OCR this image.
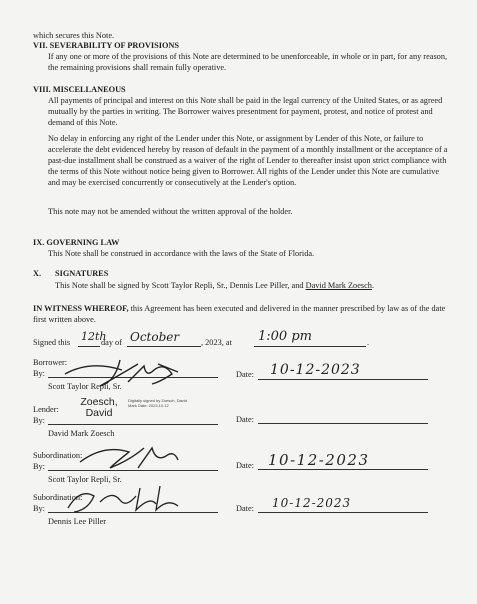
which secures this Note.
VII. SEVERABILITY OF PROVISIONS
If any one or more of the provisions of this Note are determined to be unenforceable, in whole or in part, for any reason, the remaining provisions shall remain fully operative.
VIII. MISCELLANEOUS
All payments of principal and interest on this Note shall be paid in the legal currency of the United States, or as agreed mutually by the parties in writing. The Borrower waives presentment for payment, protest, and notice of protest and demand of this Note.
No delay in enforcing any right of the Lender under this Note, or assignment by Lender of this Note, or failure to accelerate the debt evidenced hereby by reason of default in the payment of a monthly installment or the acceptance of a past-due installment shall be construed as a waiver of the right of Lender to thereafter insist upon strict compliance with the terms of this Note without notice being given to Borrower. All rights of the Lender under this Note are cumulative and may be exercised concurrently or consecutively at the Lender's option.
This note may not be amended without the written approval of the holder.
IX. GOVERNING LAW
This Note shall be construed in accordance with the laws of the State of Florida.
X. SIGNATURES
This Note shall be signed by Scott Taylor Repli, Sr., Dennis Lee Piller, and David Mark Zoesch.
IN WITNESS WHEREOF, this Agreement has been executed and delivered in the manner prescribed by law as of the date first written above.
Signed this 12th
day of October	, 2023, at 1:00 pm	.
Borrower:
By:
Scott Taylor Repli, Sr.
Date: 10-12-2023
Lender:
By:
Zoesch, David
Digitally signed by Zoesch, David Mark Date: 2023.10.12
David Mark Zoesch
Date:
Subordination:
By:
Scott Taylor Repli, Sr.
Date: 10-12-2023
Subordination:
By:
Dennis Lee Piller
Date: 10-12-2023
